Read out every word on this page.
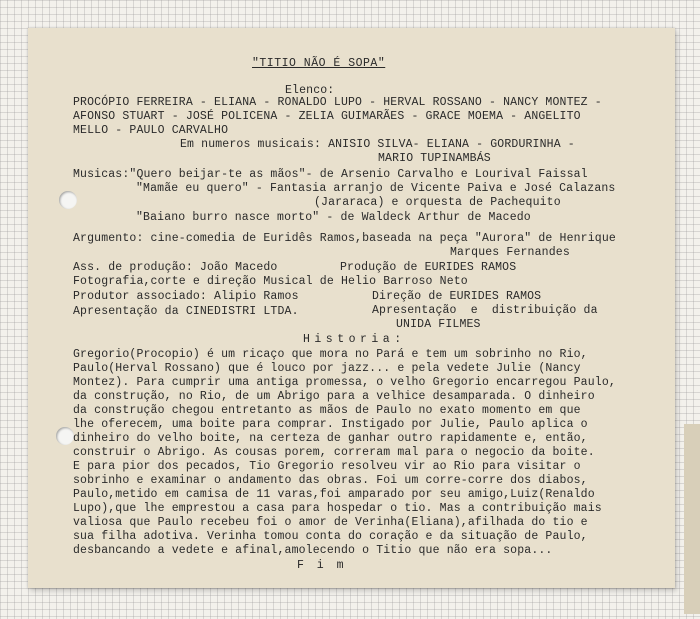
"TITIO NÃO É SOPA"
Elenco:
PROCÓPIO FERREIRA - ELIANA - RONALDO LUPO - HERVAL ROSSANO - NANCY MONTEZ -
AFONSO STUART - JOSÉ POLICENA - ZELIA GUIMARÃES - GRACE MOEMA - ANGELITO
MELLO - PAULO CARVALHO
Em numeros musicais: ANISIO SILVA- ELIANA - GORDURINHA -
MARIO TUPINAMBÁS
Musicas:"Quero beijar-te as mãos"- de Arsenio Carvalho e Lourival Faissal
"Mamãe eu quero" - Fantasia arranjo de Vicente Paiva e José Calazans
(Jararaca) e orquesta de Pachequito
"Baiano burro nasce morto" - de Waldeck Arthur de Macedo
Argumento: cine-comedia de Euridês Ramos,baseada na peça "Aurora" de Henrique
Marques Fernandes
Ass. de produção: João Macedo	Produção de EURIDES RAMOS
Fotografia,corte e direção Musical de Helio Barroso Neto
Produtor associado: Alipio Ramos	Direção de EURIDES RAMOS
Apresentação da CINEDISTRI LTDA.	Apresentação  e  distribuição da
UNIDA FILMES
Historia:
Gregorio(Procopio) é um ricaço que mora no Pará e tem um sobrinho no Rio,
Paulo(Herval Rossano) que é louco por jazz... e pela vedete Julie (Nancy
Montez). Para cumprir uma antiga promessa, o velho Gregorio encarregou Paulo,
da construção, no Rio, de um Abrigo para a velhice desamparada. O dinheiro
da construção chegou entretanto as mãos de Paulo no exato momento em que
lhe oferecem, uma boite para comprar. Instigado por Julie, Paulo aplica o
dinheiro do velho boite, na certeza de ganhar outro rapidamente e, então,
construir o Abrigo. As cousas porem, correram mal para o negocio da boite.
E para pior dos pecados, Tio Gregorio resolveu vir ao Rio para visitar o
sobrinho e examinar o andamento das obras. Foi um corre-corre dos diabos,
Paulo,metido em camisa de 11 varas,foi amparado por seu amigo,Luiz(Renaldo
Lupo),que lhe emprestou a casa para hospedar o tio. Mas a contribuição mais
valiosa que Paulo recebeu foi o amor de Verinha(Eliana),afilhada do tio e
sua filha adotiva. Verinha tomou conta do coração e da situação de Paulo,
desbancando a vedete e afinal,amolecendo o Titio que não era sopa...
F i m
